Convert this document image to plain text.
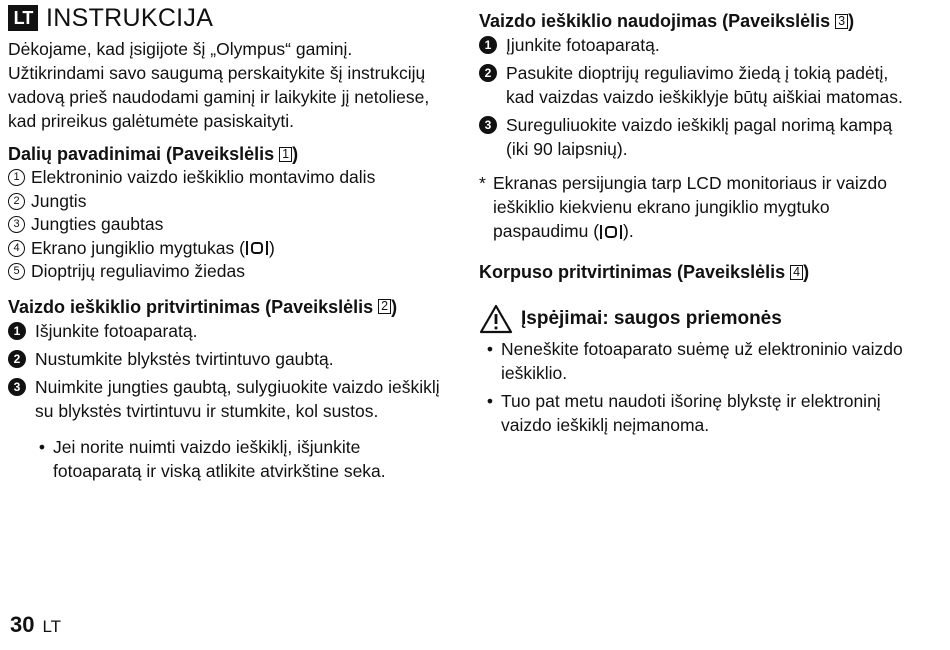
LT INSTRUKCIJA

Dėkojame, kad įsigijote šį „Olympus“ gaminį. Užtikrindami savo saugumą perskaitykite šį instrukcijų vadovą prieš naudodami gaminį ir laikykite jį netoliese, kad prireikus galėtumėte pasiskaityti.

Dalių pavadinimai (Paveikslėlis 1 )
1 Elektroninio vaizdo ieškiklio montavimo dalis
2 Jungtis
3 Jungties gaubtas
4 Ekrano jungiklio mygtukas ( )
5 Dioptrijų reguliavimo žiedas
Vaizdo ieškiklio pritvirtinimas (Paveikslėlis 2 )
1 Išjunkite fotoaparatą.
2 Nustumkite blykstės tvirtintuvo gaubtą.
3 Nuimkite jungties gaubtą, sulygiuokite vaizdo ieškiklį su blykstės tvirtintuvu ir stumkite, kol sustos.
• Jei norite nuimti vaizdo ieškiklį, išjunkite fotoaparatą ir viską atlikite atvirkštine seka.
Vaizdo ieškiklio naudojimas (Paveikslėlis 3 )
1 Įjunkite fotoaparatą.
2 Pasukite dioptrijų reguliavimo žiedą į tokią padėtį, kad vaizdas vaizdo ieškiklyje būtų aiškiai matomas.
3 Sureguliuokite vaizdo ieškiklį pagal norimą kampą (iki 90 laipsnių).

* Ekranas persijungia tarp LCD monitoriaus ir vaizdo ieškiklio kiekvienu ekrano jungiklio mygtuko paspaudimu ( ).

Korpuso pritvirtinimas (Paveikslėlis 4 )
Įspėjimai: saugos priemonės
• Neneškite fotoaparato suėmę už elektroninio vaizdo ieškiklio.
• Tuo pat metu naudoti išorinę blykstę ir elektroninį vaizdo ieškiklį neįmanoma.
30 LT
